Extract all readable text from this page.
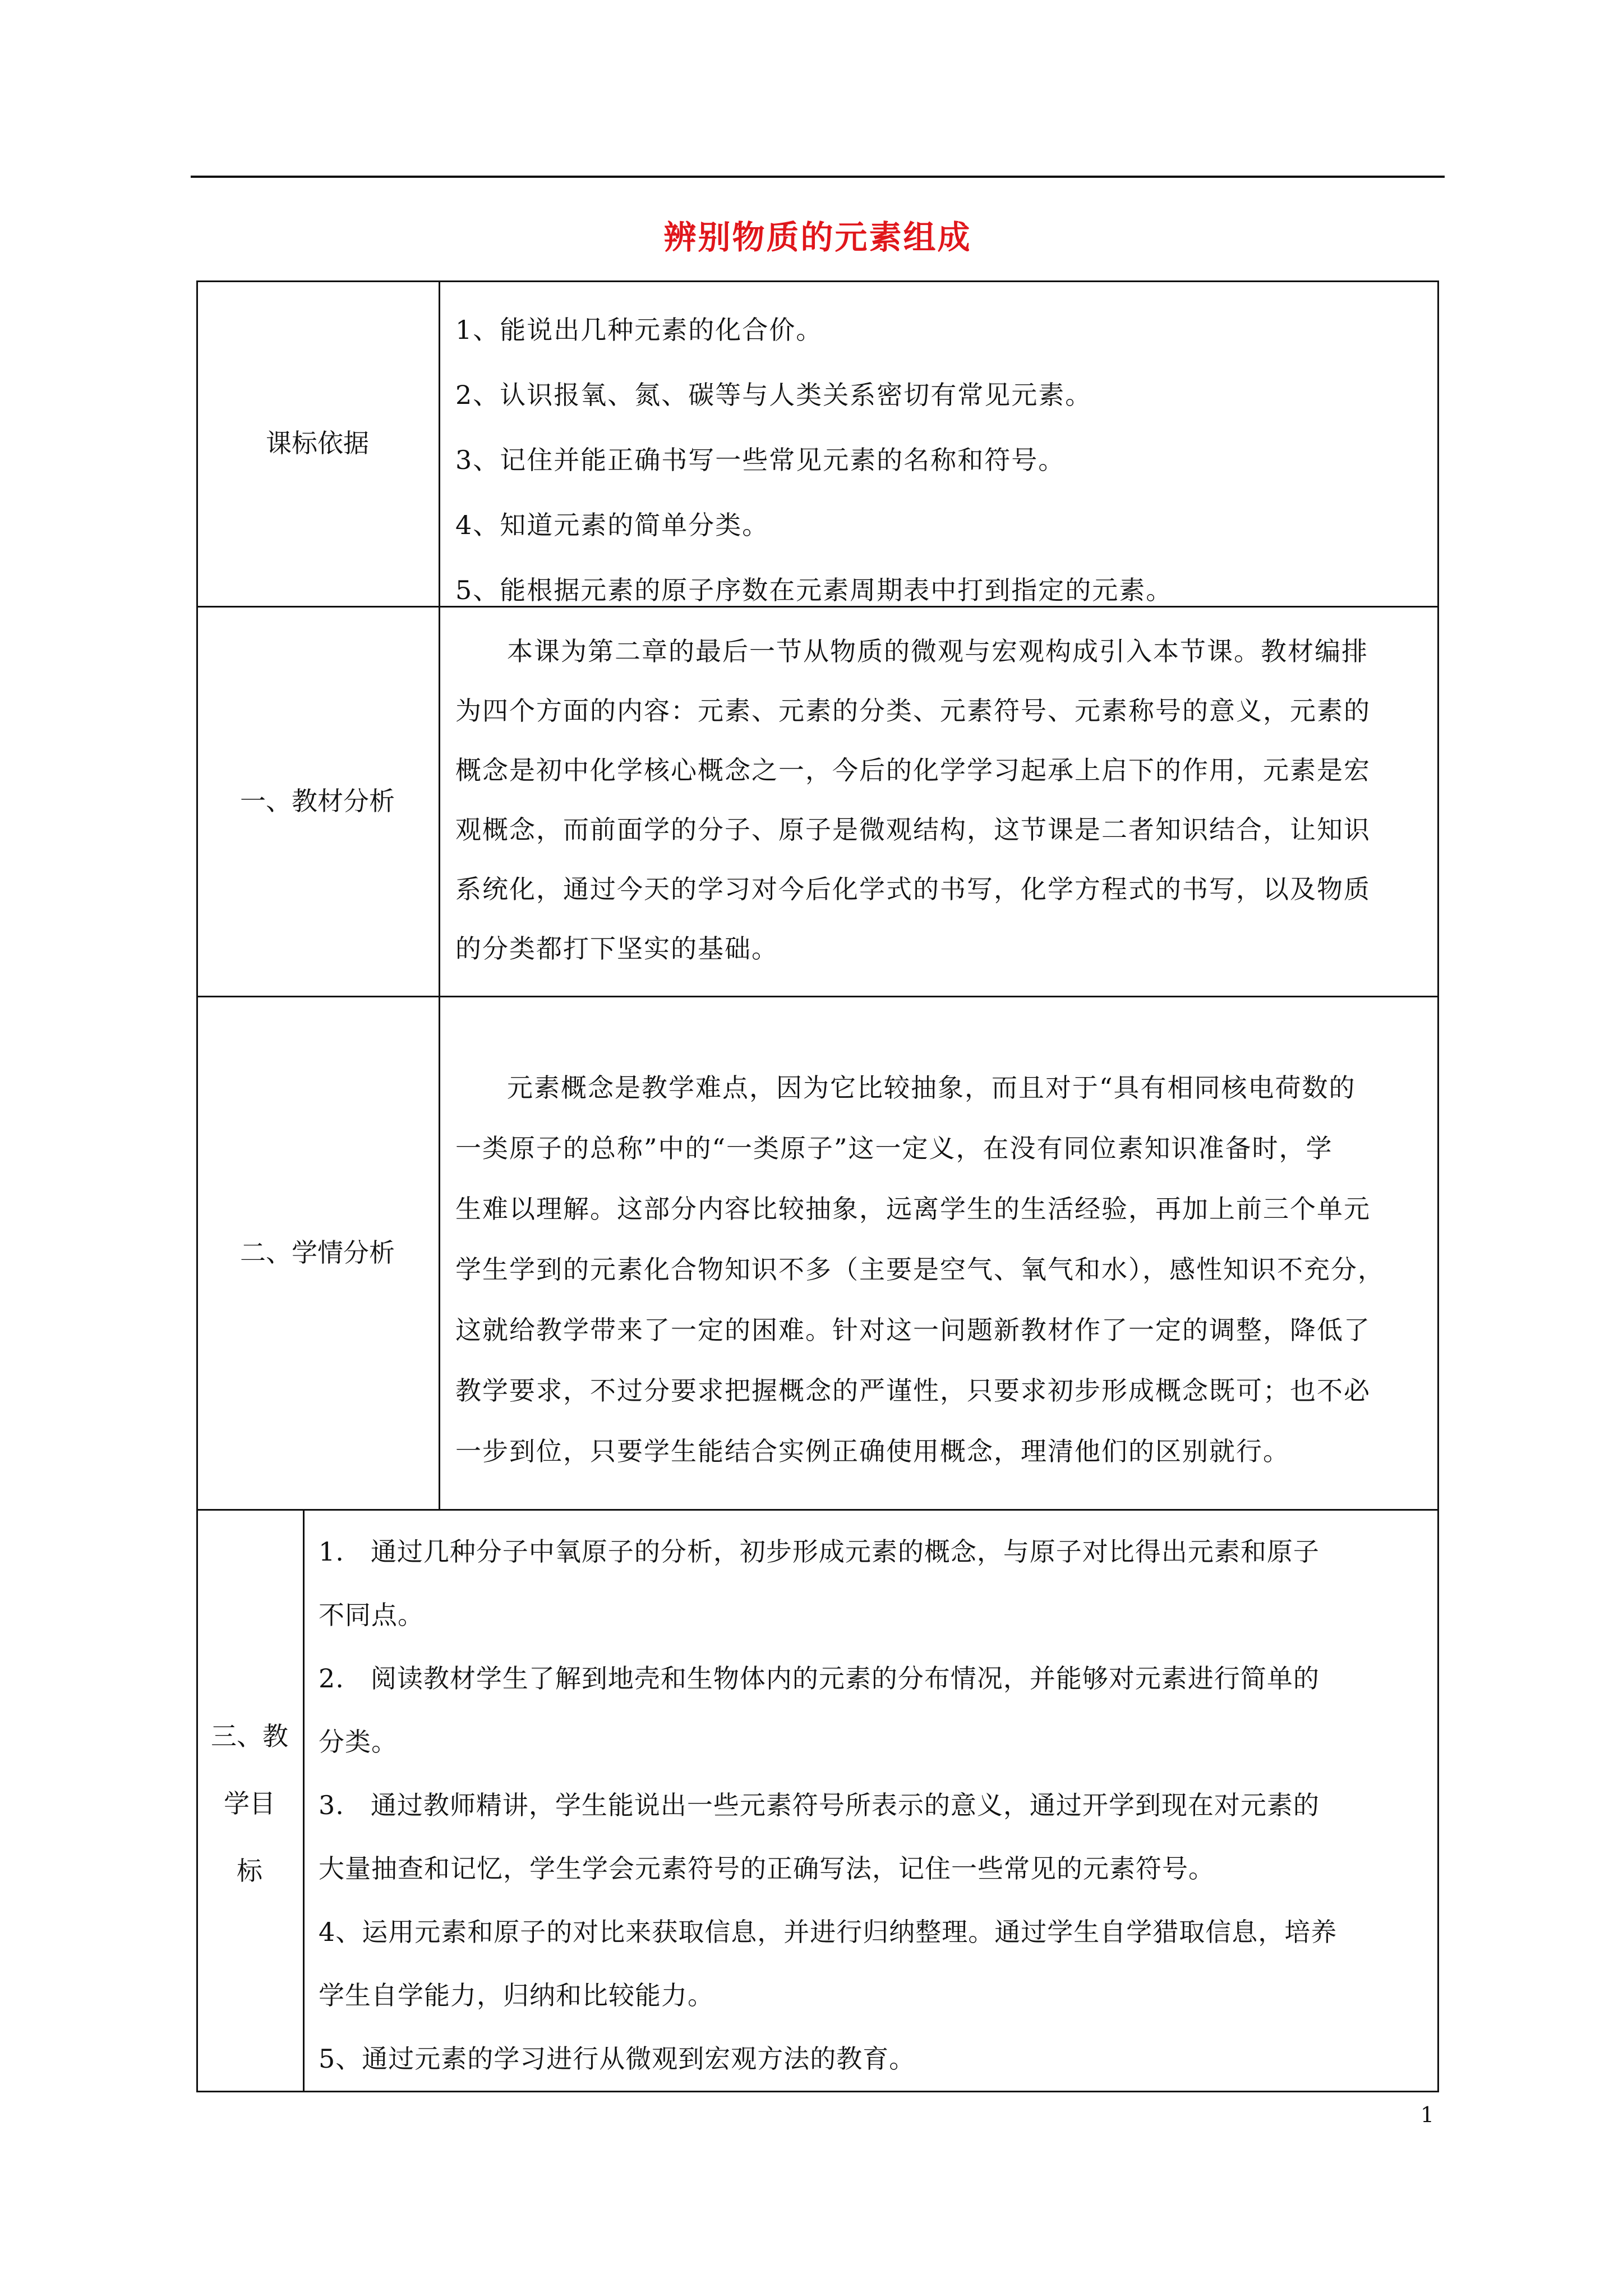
辨别物质的元素组成
课标依据

1、能说出几种元素的化合价。

2、认识报氧、氮、碳等与人类关系密切有常见元素。

3、记住并能正确书写一些常见元素的名称和符号。

4、知道元素的简单分类。

5、能根据元素的原子序数在元素周期表中打到指定的元素。

一、教材分析

本课为第二章的最后一节从物质的微观与宏观构成引入本节课。教材编排

为四个方面的内容：元素、元素的分类、元素符号、元素称号的意义，元素的

概念是初中化学核心概念之一，今后的化学学习起承上启下的作用，元素是宏

观概念，而前面学的分子、原子是微观结构，这节课是二者知识结合，让知识

系统化，通过今天的学习对今后化学式的书写，化学方程式的书写，以及物质

的分类都打下坚实的基础。

二、学情分析

元素概念是教学难点，因为它比较抽象，而且对于“具有相同核电荷数的

一类原子的总称”中的“一类原子”这一定义，在没有同位素知识准备时，学

生难以理解。这部分内容比较抽象，远离学生的生活经验，再加上前三个单元

学生学到的元素化合物知识不多（主要是空气、氧气和水），感性知识不充分，

这就给教学带来了一定的困难。针对这一问题新教材作了一定的调整，降低了

教学要求，不过分要求把握概念的严谨性，只要求初步形成概念既可；也不必

一步到位，只要学生能结合实例正确使用概念，理清他们的区别就行。

三、教
学目
标

1.　通过几种分子中氧原子的分析，初步形成元素的概念，与原子对比得出元素和原子

不同点。

2.　阅读教材学生了解到地壳和生物体内的元素的分布情况，并能够对元素进行简单的

分类。

3.　通过教师精讲，学生能说出一些元素符号所表示的意义，通过开学到现在对元素的

大量抽查和记忆，学生学会元素符号的正确写法，记住一些常见的元素符号。

4、运用元素和原子的对比来获取信息，并进行归纳整理。通过学生自学猎取信息，培养

学生自学能力，归纳和比较能力。

5、通过元素的学习进行从微观到宏观方法的教育。

1
